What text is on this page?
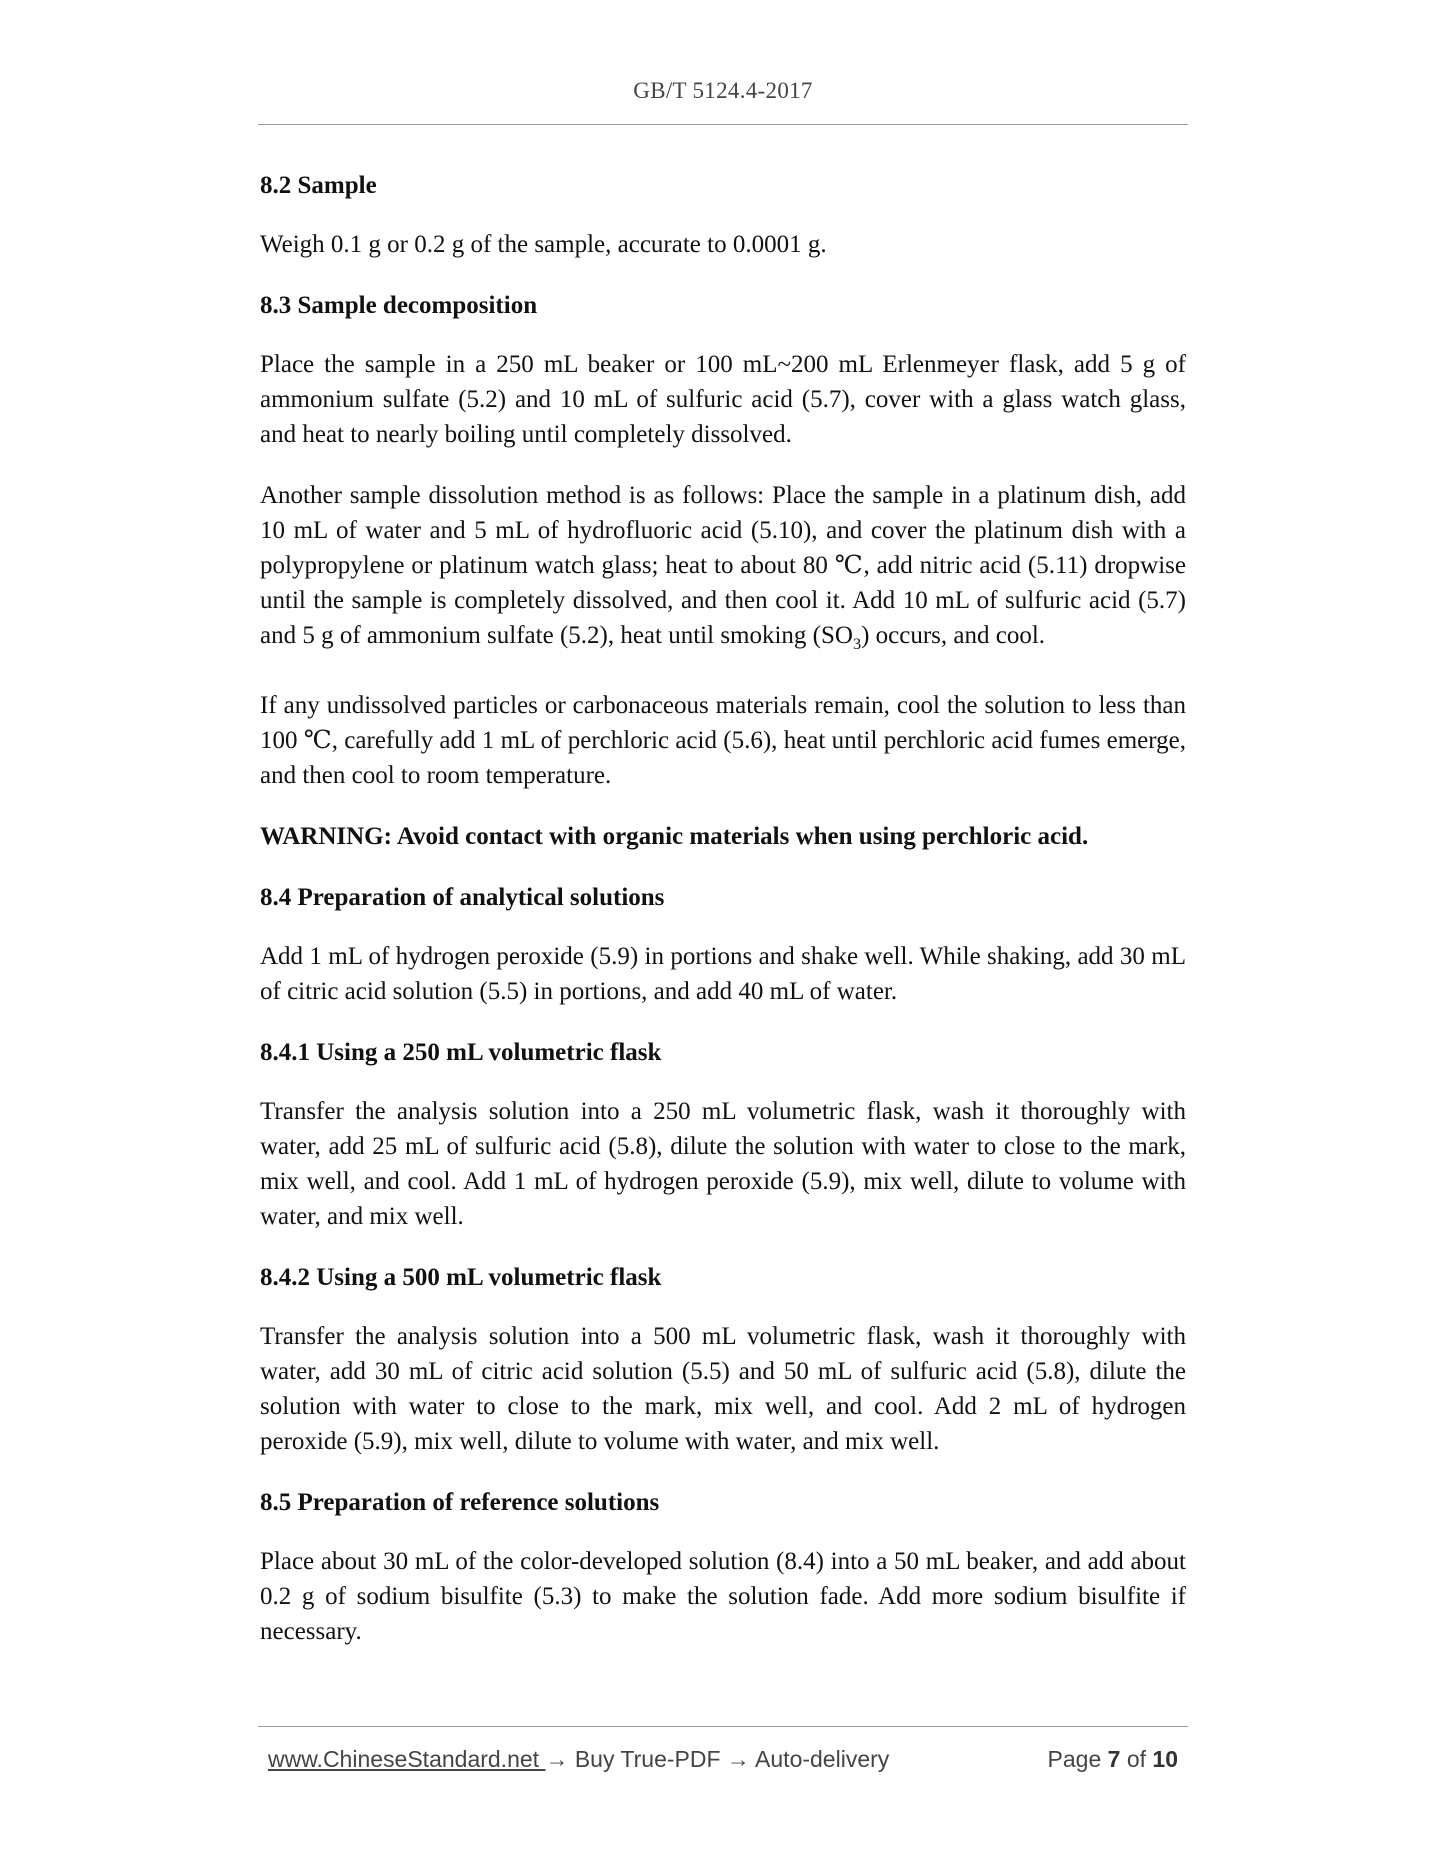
GB/T 5124.4-2017
8.2 Sample

Weigh 0.1 g or 0.2 g of the sample, accurate to 0.0001 g.

8.3 Sample decomposition

Place the sample in a 250 mL beaker or 100 mL~200 mL Erlenmeyer flask, add 5 g of ammonium sulfate (5.2) and 10 mL of sulfuric acid (5.7), cover with a glass watch glass, and heat to nearly boiling until completely dissolved.

Another sample dissolution method is as follows: Place the sample in a platinum dish, add 10 mL of water and 5 mL of hydrofluoric acid (5.10), and cover the platinum dish with a polypropylene or platinum watch glass; heat to about 80 ℃, add nitric acid (5.11) dropwise until the sample is completely dissolved, and then cool it. Add 10 mL of sulfuric acid (5.7) and 5 g of ammonium sulfate (5.2), heat until smoking $(SO_3)$ occurs, and cool.

If any undissolved particles or carbonaceous materials remain, cool the solution to less than 100 ℃, carefully add 1 mL of perchloric acid (5.6), heat until perchloric acid fumes emerge, and then cool to room temperature.

WARNING: Avoid contact with organic materials when using perchloric acid.

8.4 Preparation of analytical solutions

Add 1 mL of hydrogen peroxide (5.9) in portions and shake well. While shaking, add 30 mL of citric acid solution (5.5) in portions, and add 40 mL of water.

8.4.1 Using a 250 mL volumetric flask

Transfer the analysis solution into a 250 mL volumetric flask, wash it thoroughly with water, add 25 mL of sulfuric acid (5.8), dilute the solution with water to close to the mark, mix well, and cool. Add 1 mL of hydrogen peroxide (5.9), mix well, dilute to volume with water, and mix well.

8.4.2 Using a 500 mL volumetric flask

Transfer the analysis solution into a 500 mL volumetric flask, wash it thoroughly with water, add 30 mL of citric acid solution (5.5) and 50 mL of sulfuric acid (5.8), dilute the solution with water to close to the mark, mix well, and cool. Add 2 mL of hydrogen peroxide (5.9), mix well, dilute to volume with water, and mix well.

8.5 Preparation of reference solutions

Place about 30 mL of the color-developed solution (8.4) into a 50 mL beaker, and add about 0.2 g of sodium bisulfite (5.3) to make the solution fade. Add more sodium bisulfite if necessary.

www.ChineseStandard.net → Buy True-PDF → Auto-delivery	Page 7 of 10
